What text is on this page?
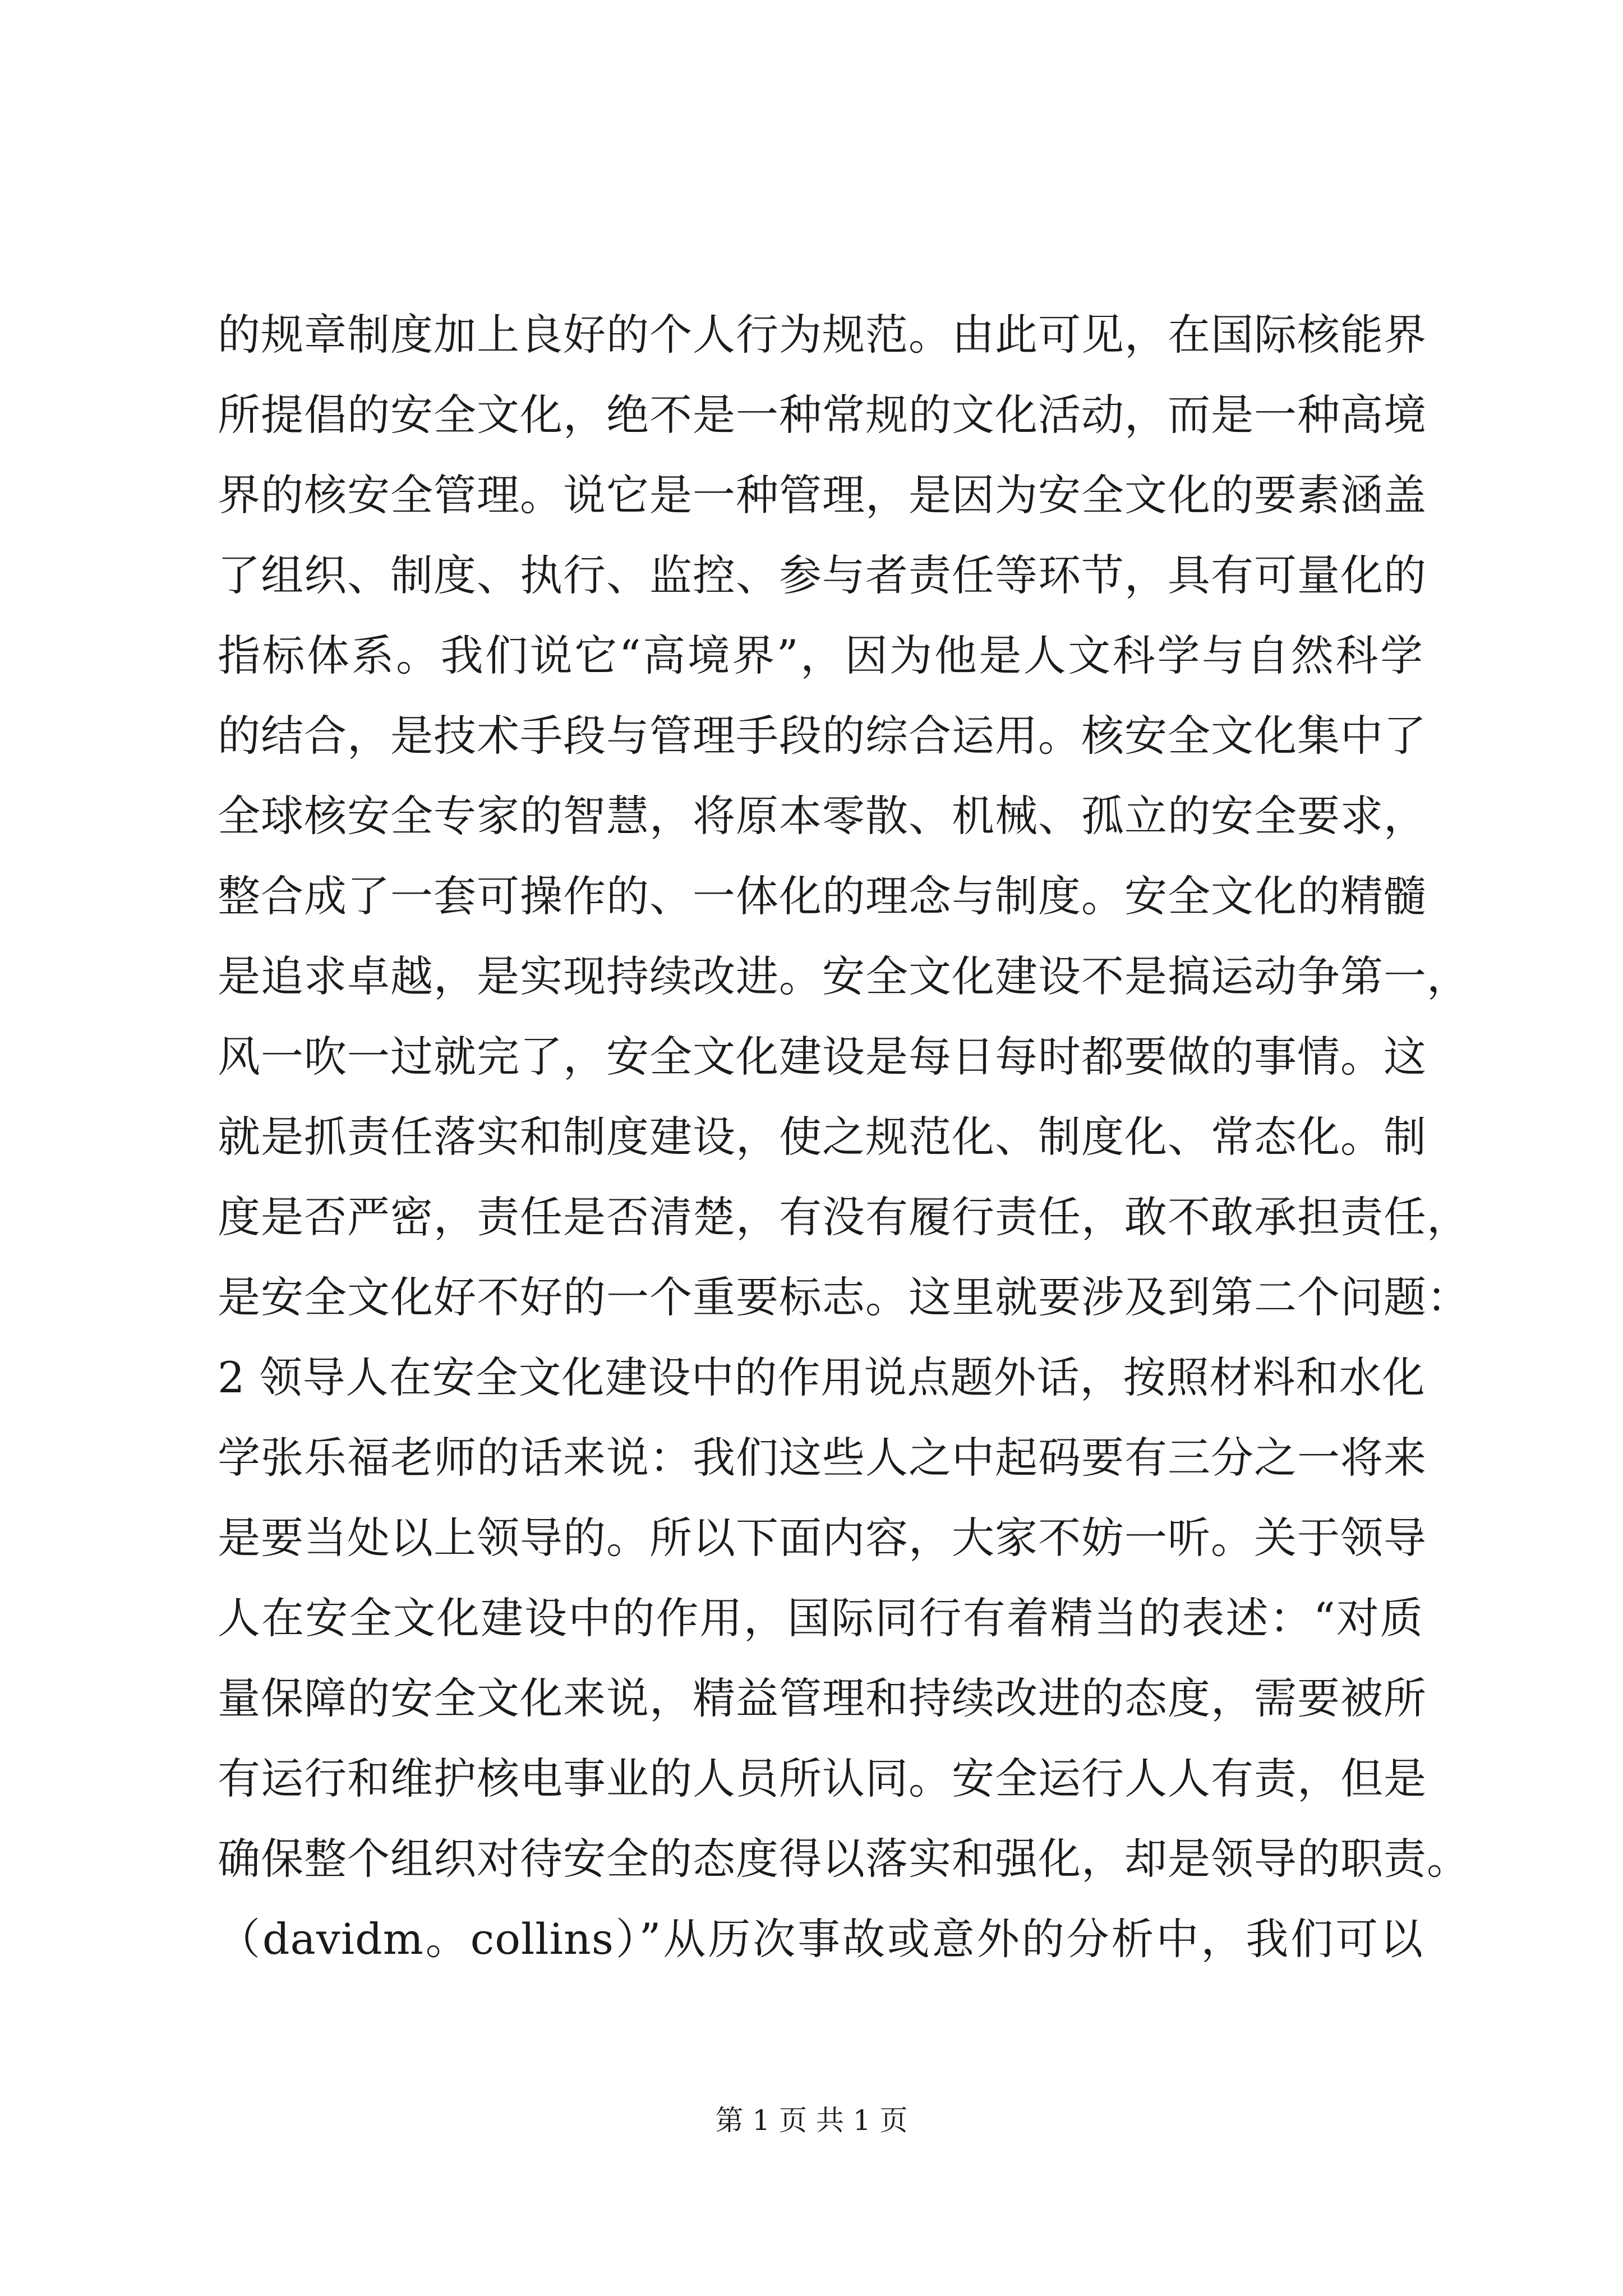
的规章制度加上良好的个人行为规范。由此可见，在国际核能界
所提倡的安全文化，绝不是一种常规的文化活动，而是一种高境
界的核安全管理。说它是一种管理，是因为安全文化的要素涵盖
了组织、制度、执行、监控、参与者责任等环节，具有可量化的
指标体系。我们说它“高境界”，因为他是人文科学与自然科学
的结合，是技术手段与管理手段的综合运用。核安全文化集中了
全球核安全专家的智慧，将原本零散、机械、孤立的安全要求，
整合成了一套可操作的、一体化的理念与制度。安全文化的精髓
是追求卓越，是实现持续改进。安全文化建设不是搞运动争第一，
风一吹一过就完了，安全文化建设是每日每时都要做的事情。这
就是抓责任落实和制度建设，使之规范化、制度化、常态化。制
度是否严密，责任是否清楚，有没有履行责任，敢不敢承担责任，
是安全文化好不好的一个重要标志。这里就要涉及到第二个问题：
2 领导人在安全文化建设中的作用说点题外话，按照材料和水化
学张乐福老师的话来说：我们这些人之中起码要有三分之一将来
是要当处以上领导的。所以下面内容，大家不妨一听。关于领导
人在安全文化建设中的作用，国际同行有着精当的表述：“对质
量保障的安全文化来说，精益管理和持续改进的态度，需要被所
有运行和维护核电事业的人员所认同。安全运行人人有责，但是
确保整个组织对待安全的态度得以落实和强化，却是领导的职责。
（davidm。collins）”从历次事故或意外的分析中，我们可以
第 1 页 共 1 页
